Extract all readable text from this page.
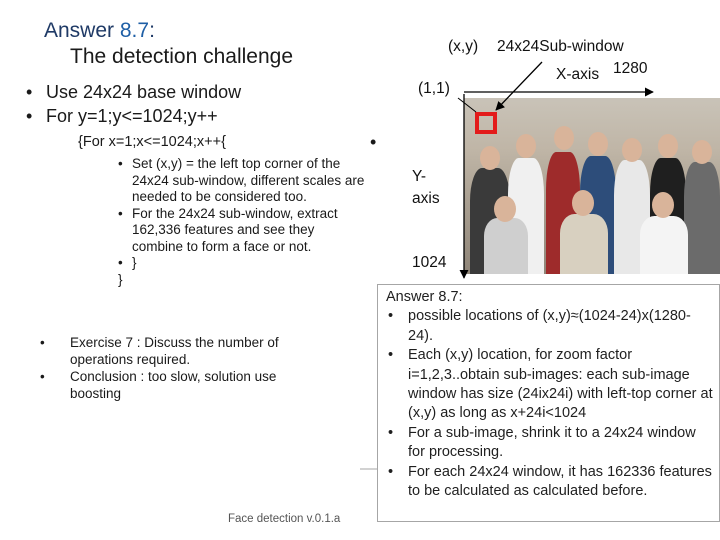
Answer 8.7:
The detection challenge
• Use 24x24 base window
• For y=1;y<=1024;y++
{For x=1;x<=1024;x++{
• Set (x,y) = the left top corner of the 24x24 sub-window, different scales are needed to be considered too.
• For the 24x24 sub-window, extract 162,336 features and see they combine to form a face or not.
• }
}
• Exercise 7 : Discuss the number of operations required.
• Conclusion : too slow, solution use boosting
Face detection v.0.1.a
•
(x,y) 24x24Sub-window
X-axis 1280
(1,1)
Y-
axis
1024
Answer 8.7:
• possible locations of (x,y)≈(1024-24)x(1280-24).
• Each (x,y) location, for zoom factor i=1,2,3..obtain sub-images: each sub-image window has size (24ix24i) with left-top corner at (x,y) as long as x+24i<1024
• For a sub-image, shrink it to a 24x24 window for processing.
• For each 24x24 window, it has 162336 features to be calculated as calculated before.
